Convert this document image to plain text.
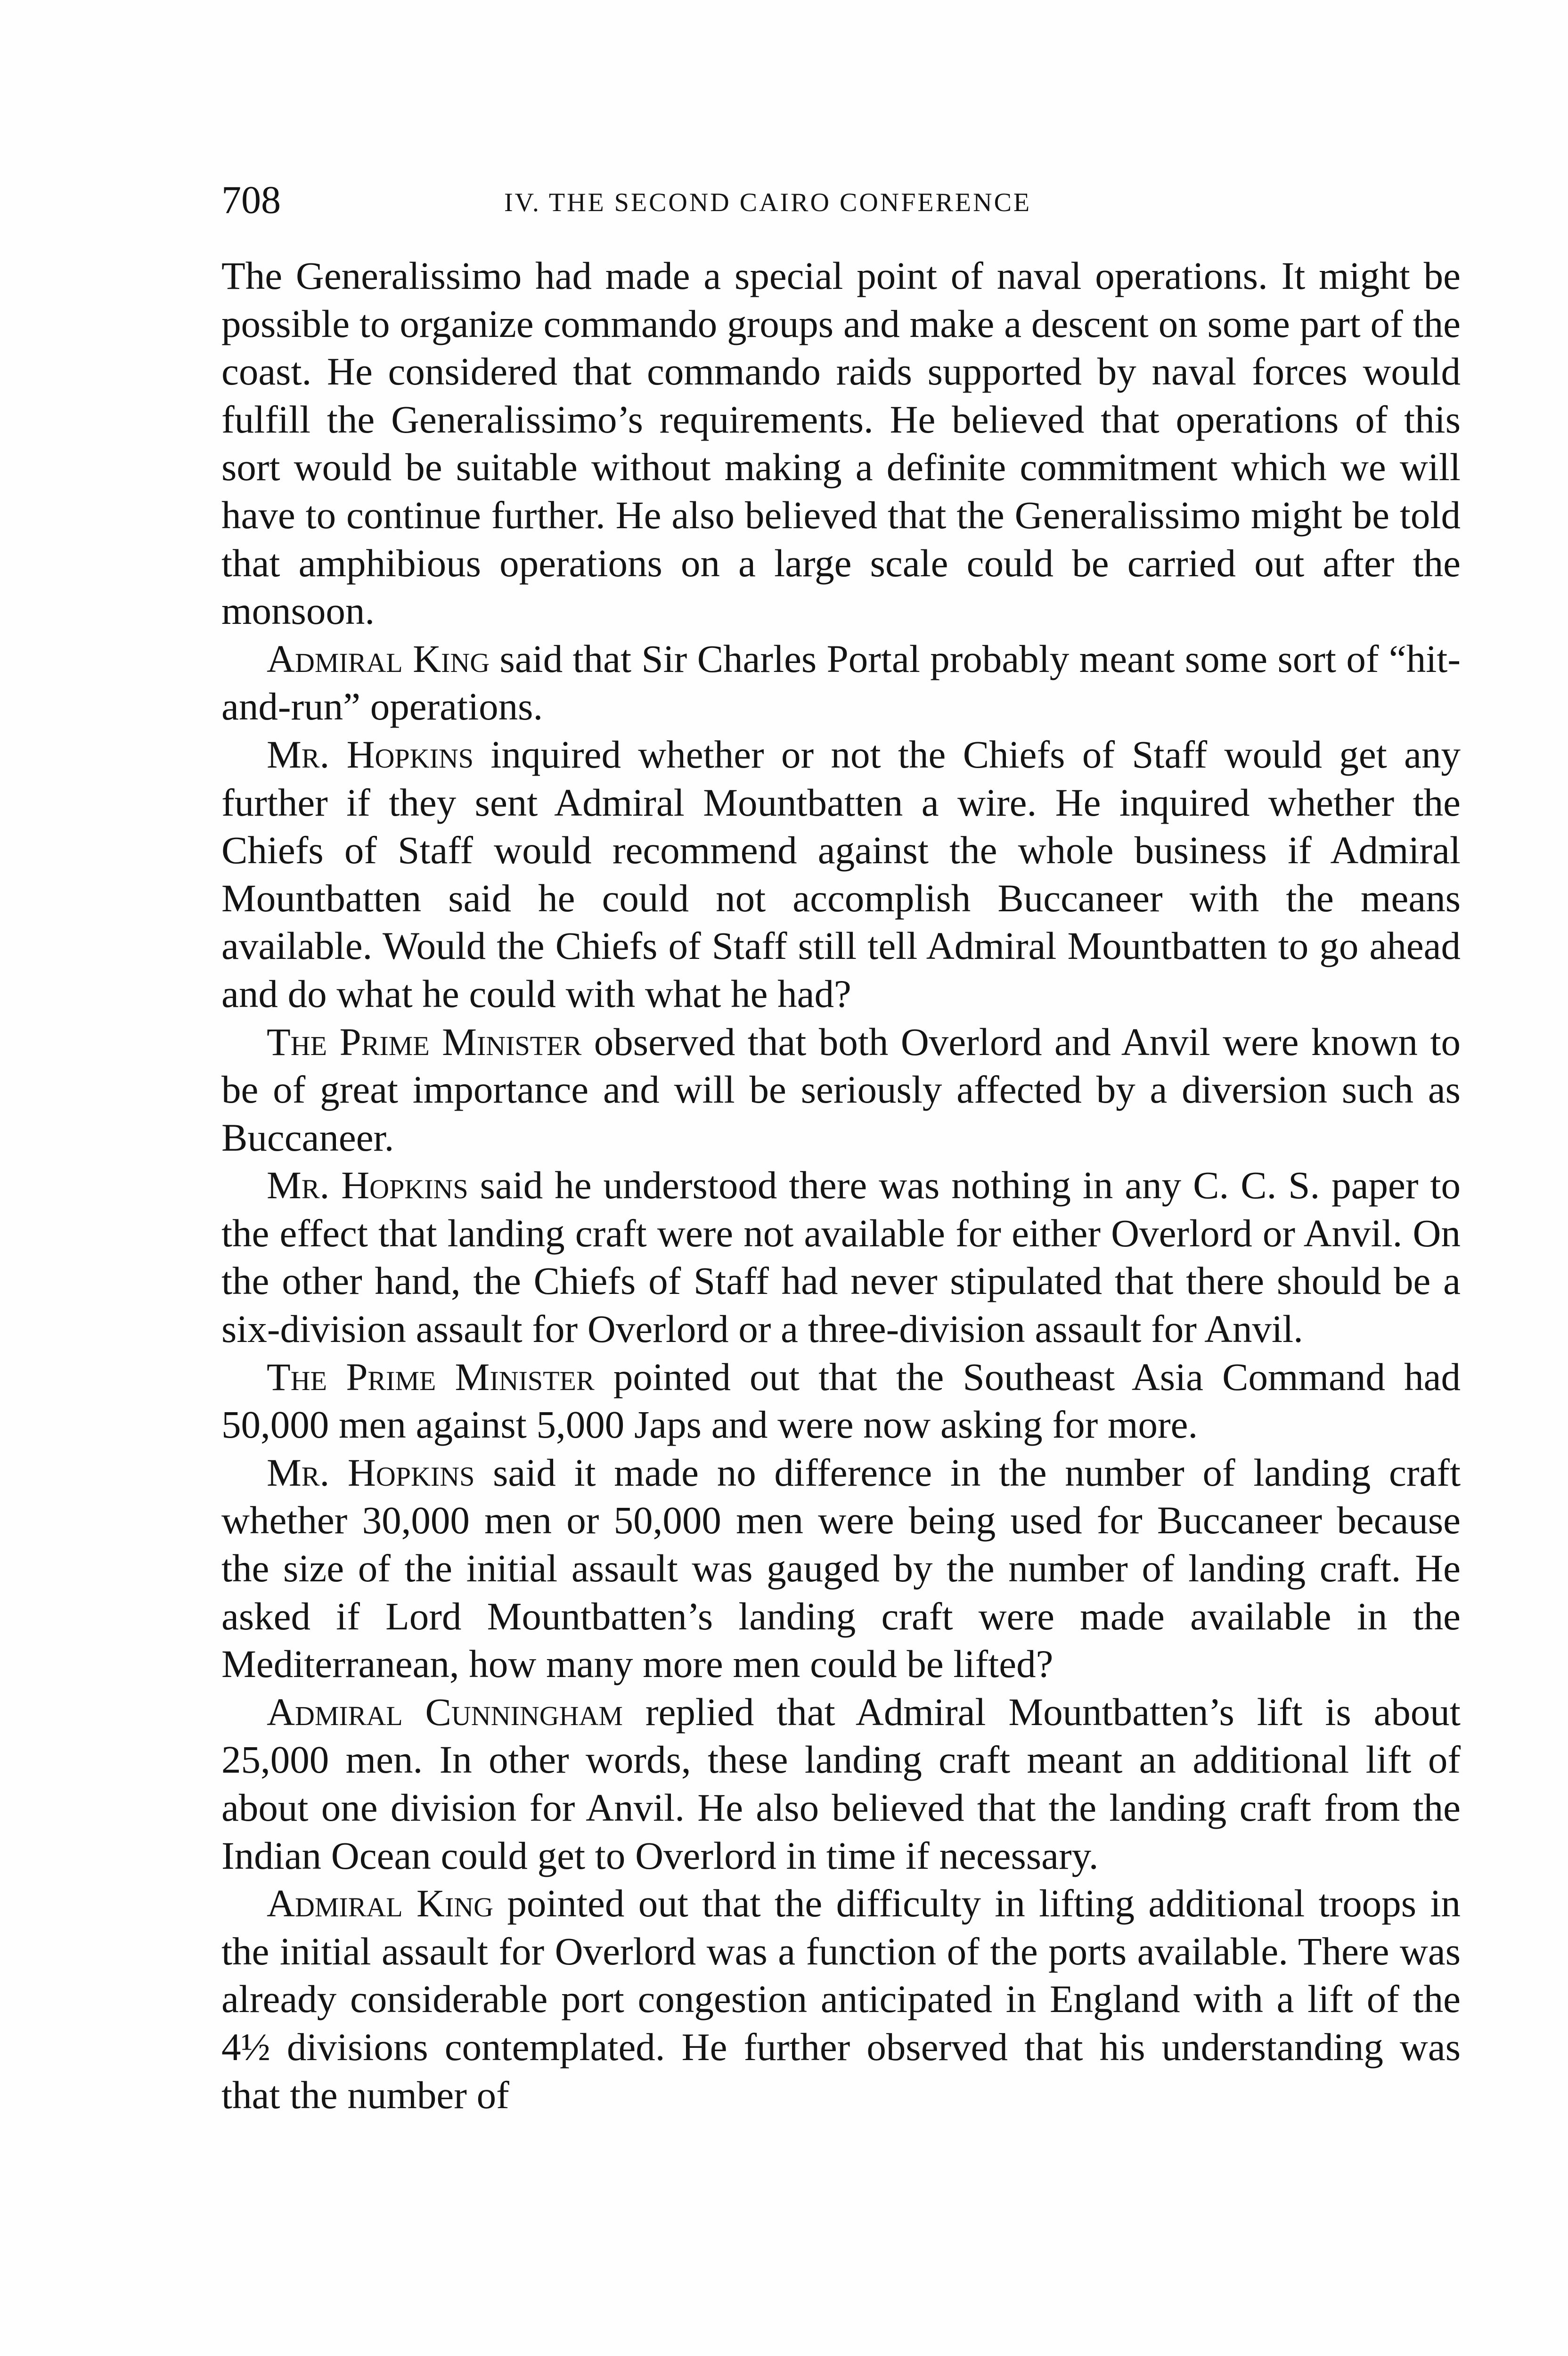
708	IV. THE SECOND CAIRO CONFERENCE

The Generalissimo had made a special point of naval operations. It might be possible to organize commando groups and make a descent on some part of the coast. He considered that commando raids supported by naval forces would fulfill the Generalissimo’s requirements. He believed that operations of this sort would be suitable without making a definite commitment which we will have to continue further. He also believed that the Generalissimo might be told that amphibious operations on a large scale could be carried out after the monsoon.

Admiral King said that Sir Charles Portal probably meant some sort of “hit-and-run” operations.

Mr. Hopkins inquired whether or not the Chiefs of Staff would get any further if they sent Admiral Mountbatten a wire. He inquired whether the Chiefs of Staff would recommend against the whole business if Admiral Mountbatten said he could not accomplish Buccaneer with the means available. Would the Chiefs of Staff still tell Admiral Mountbatten to go ahead and do what he could with what he had?

The Prime Minister observed that both Overlord and Anvil were known to be of great importance and will be seriously affected by a diversion such as Buccaneer.

Mr. Hopkins said he understood there was nothing in any C. C. S. paper to the effect that landing craft were not available for either Overlord or Anvil. On the other hand, the Chiefs of Staff had never stipulated that there should be a six-division assault for Overlord or a three-division assault for Anvil.

The Prime Minister pointed out that the Southeast Asia Command had 50,000 men against 5,000 Japs and were now asking for more.

Mr. Hopkins said it made no difference in the number of landing craft whether 30,000 men or 50,000 men were being used for Buccaneer because the size of the initial assault was gauged by the number of landing craft. He asked if Lord Mountbatten’s landing craft were made available in the Mediterranean, how many more men could be lifted?

Admiral Cunningham replied that Admiral Mountbatten’s lift is about 25,000 men. In other words, these landing craft meant an additional lift of about one division for Anvil. He also believed that the landing craft from the Indian Ocean could get to Overlord in time if necessary.

Admiral King pointed out that the difficulty in lifting additional troops in the initial assault for Overlord was a function of the ports available. There was already considerable port congestion anticipated in England with a lift of the 4½ divisions contemplated. He further observed that his understanding was that the number of
